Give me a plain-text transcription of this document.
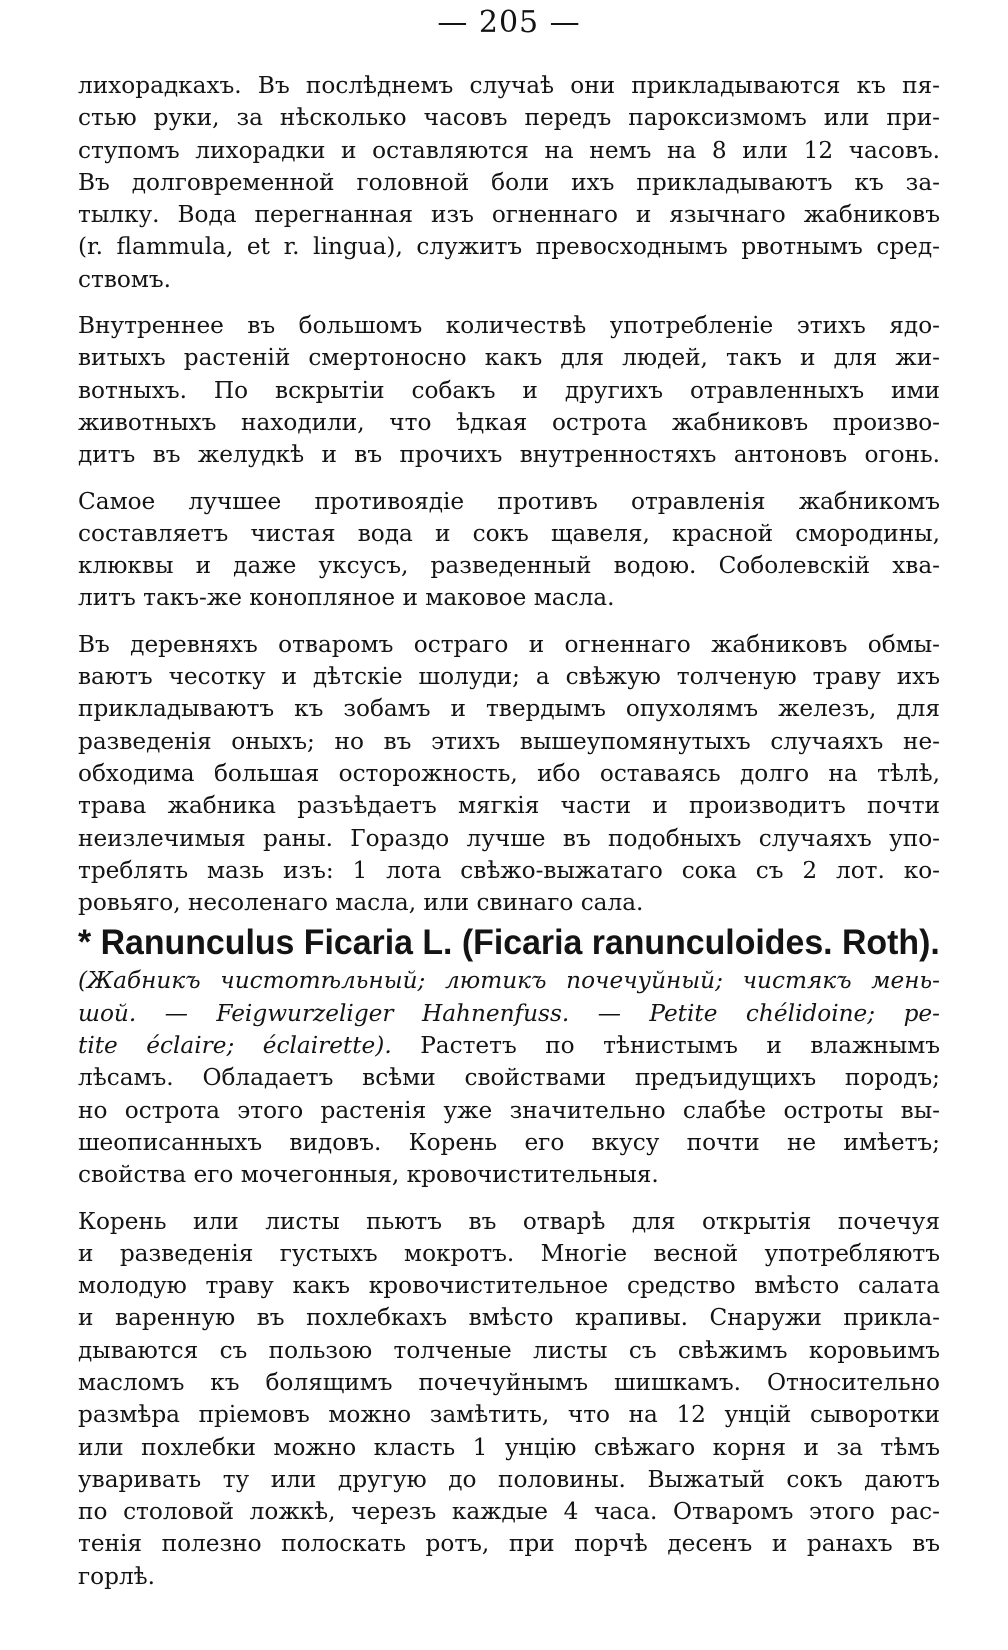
— 205 —
лихорадкахъ. Въ послѣднемъ случаѣ они прикладываются къ пя-
стью руки, за нѣсколько часовъ передъ пароксизмомъ или при-
ступомъ лихорадки и оставляются на немъ на 8 или 12 часовъ.
Въ долговременной головной боли ихъ прикладываютъ къ за-
тылку. Вода перегнанная изъ огненнаго и язычнаго жабниковъ
(r. flammula, et r. lingua), служитъ превосходнымъ рвотнымъ сред-
ствомъ.
Внутреннее въ большомъ количествѣ употребленіе этихъ ядо-
витыхъ растеній смертоносно какъ для людей, такъ и для жи-
вотныхъ. По вскрытіи собакъ и другихъ отравленныхъ ими
животныхъ находили, что ѣдкая острота жабниковъ произво-
дитъ въ желудкѣ и въ прочихъ внутренностяхъ антоновъ огонь.
Самое лучшее противоядіе противъ отравленія жабникомъ
составляетъ чистая вода и сокъ щавеля, красной смородины,
клюквы и даже уксусъ, разведенный водою. Соболевскій хва-
литъ такъ-же конопляное и маковое масла.
Въ деревняхъ отваромъ остраго и огненнаго жабниковъ обмы-
ваютъ чесотку и дѣтскіе шолуди; а свѣжую толченую траву ихъ
прикладываютъ къ зобамъ и твердымъ опухолямъ железъ, для
разведенія оныхъ; но въ этихъ вышеупомянутыхъ случаяхъ не-
обходима большая осторожность, ибо оставаясь долго на тѣлѣ,
трава жабника разъѣдаетъ мягкія части и производитъ почти
неизлечимыя раны. Гораздо лучше въ подобныхъ случаяхъ упо-
треблять мазь изъ: 1 лота свѣжо-выжатаго сока съ 2 лот. ко-
ровьяго, несоленаго масла, или свинаго сала.
* Ranunculus Ficaria L. (Ficaria ranunculoides. Roth).
(Жабникъ чистотѣльный; лютикъ почечуйный; чистякъ мень-
шой. — Feigwurzeliger Hahnenfuss. — Petite chélidoine; pe-
tite éclaire; éclairette). Растетъ по тѣнистымъ и влажнымъ
лѣсамъ. Обладаетъ всѣми свойствами предъидущихъ породъ;
но острота этого растенія уже значительно слабѣе остроты вы-
шеописанныхъ видовъ. Корень его вкусу почти не имѣетъ;
свойства его мочегонныя, кровочистительныя.
Корень или листы пьютъ въ отварѣ для открытія почечуя
и разведенія густыхъ мокротъ. Многіе весной употребляютъ
молодую траву какъ кровочистительное средство вмѣсто салата
и варенную въ похлебкахъ вмѣсто крапивы. Снаружи прикла-
дываются съ пользою толченые листы съ свѣжимъ коровьимъ
масломъ къ болящимъ почечуйнымъ шишкамъ. Относительно
размѣра пріемовъ можно замѣтить, что на 12 унцій сыворотки
или похлебки можно класть 1 унцію свѣжаго корня и за тѣмъ
уваривать ту или другую до половины. Выжатый сокъ даютъ
по столовой ложкѣ, черезъ каждые 4 часа. Отваромъ этого рас-
тенія полезно полоскать ротъ, при порчѣ десенъ и ранахъ въ
горлѣ.
